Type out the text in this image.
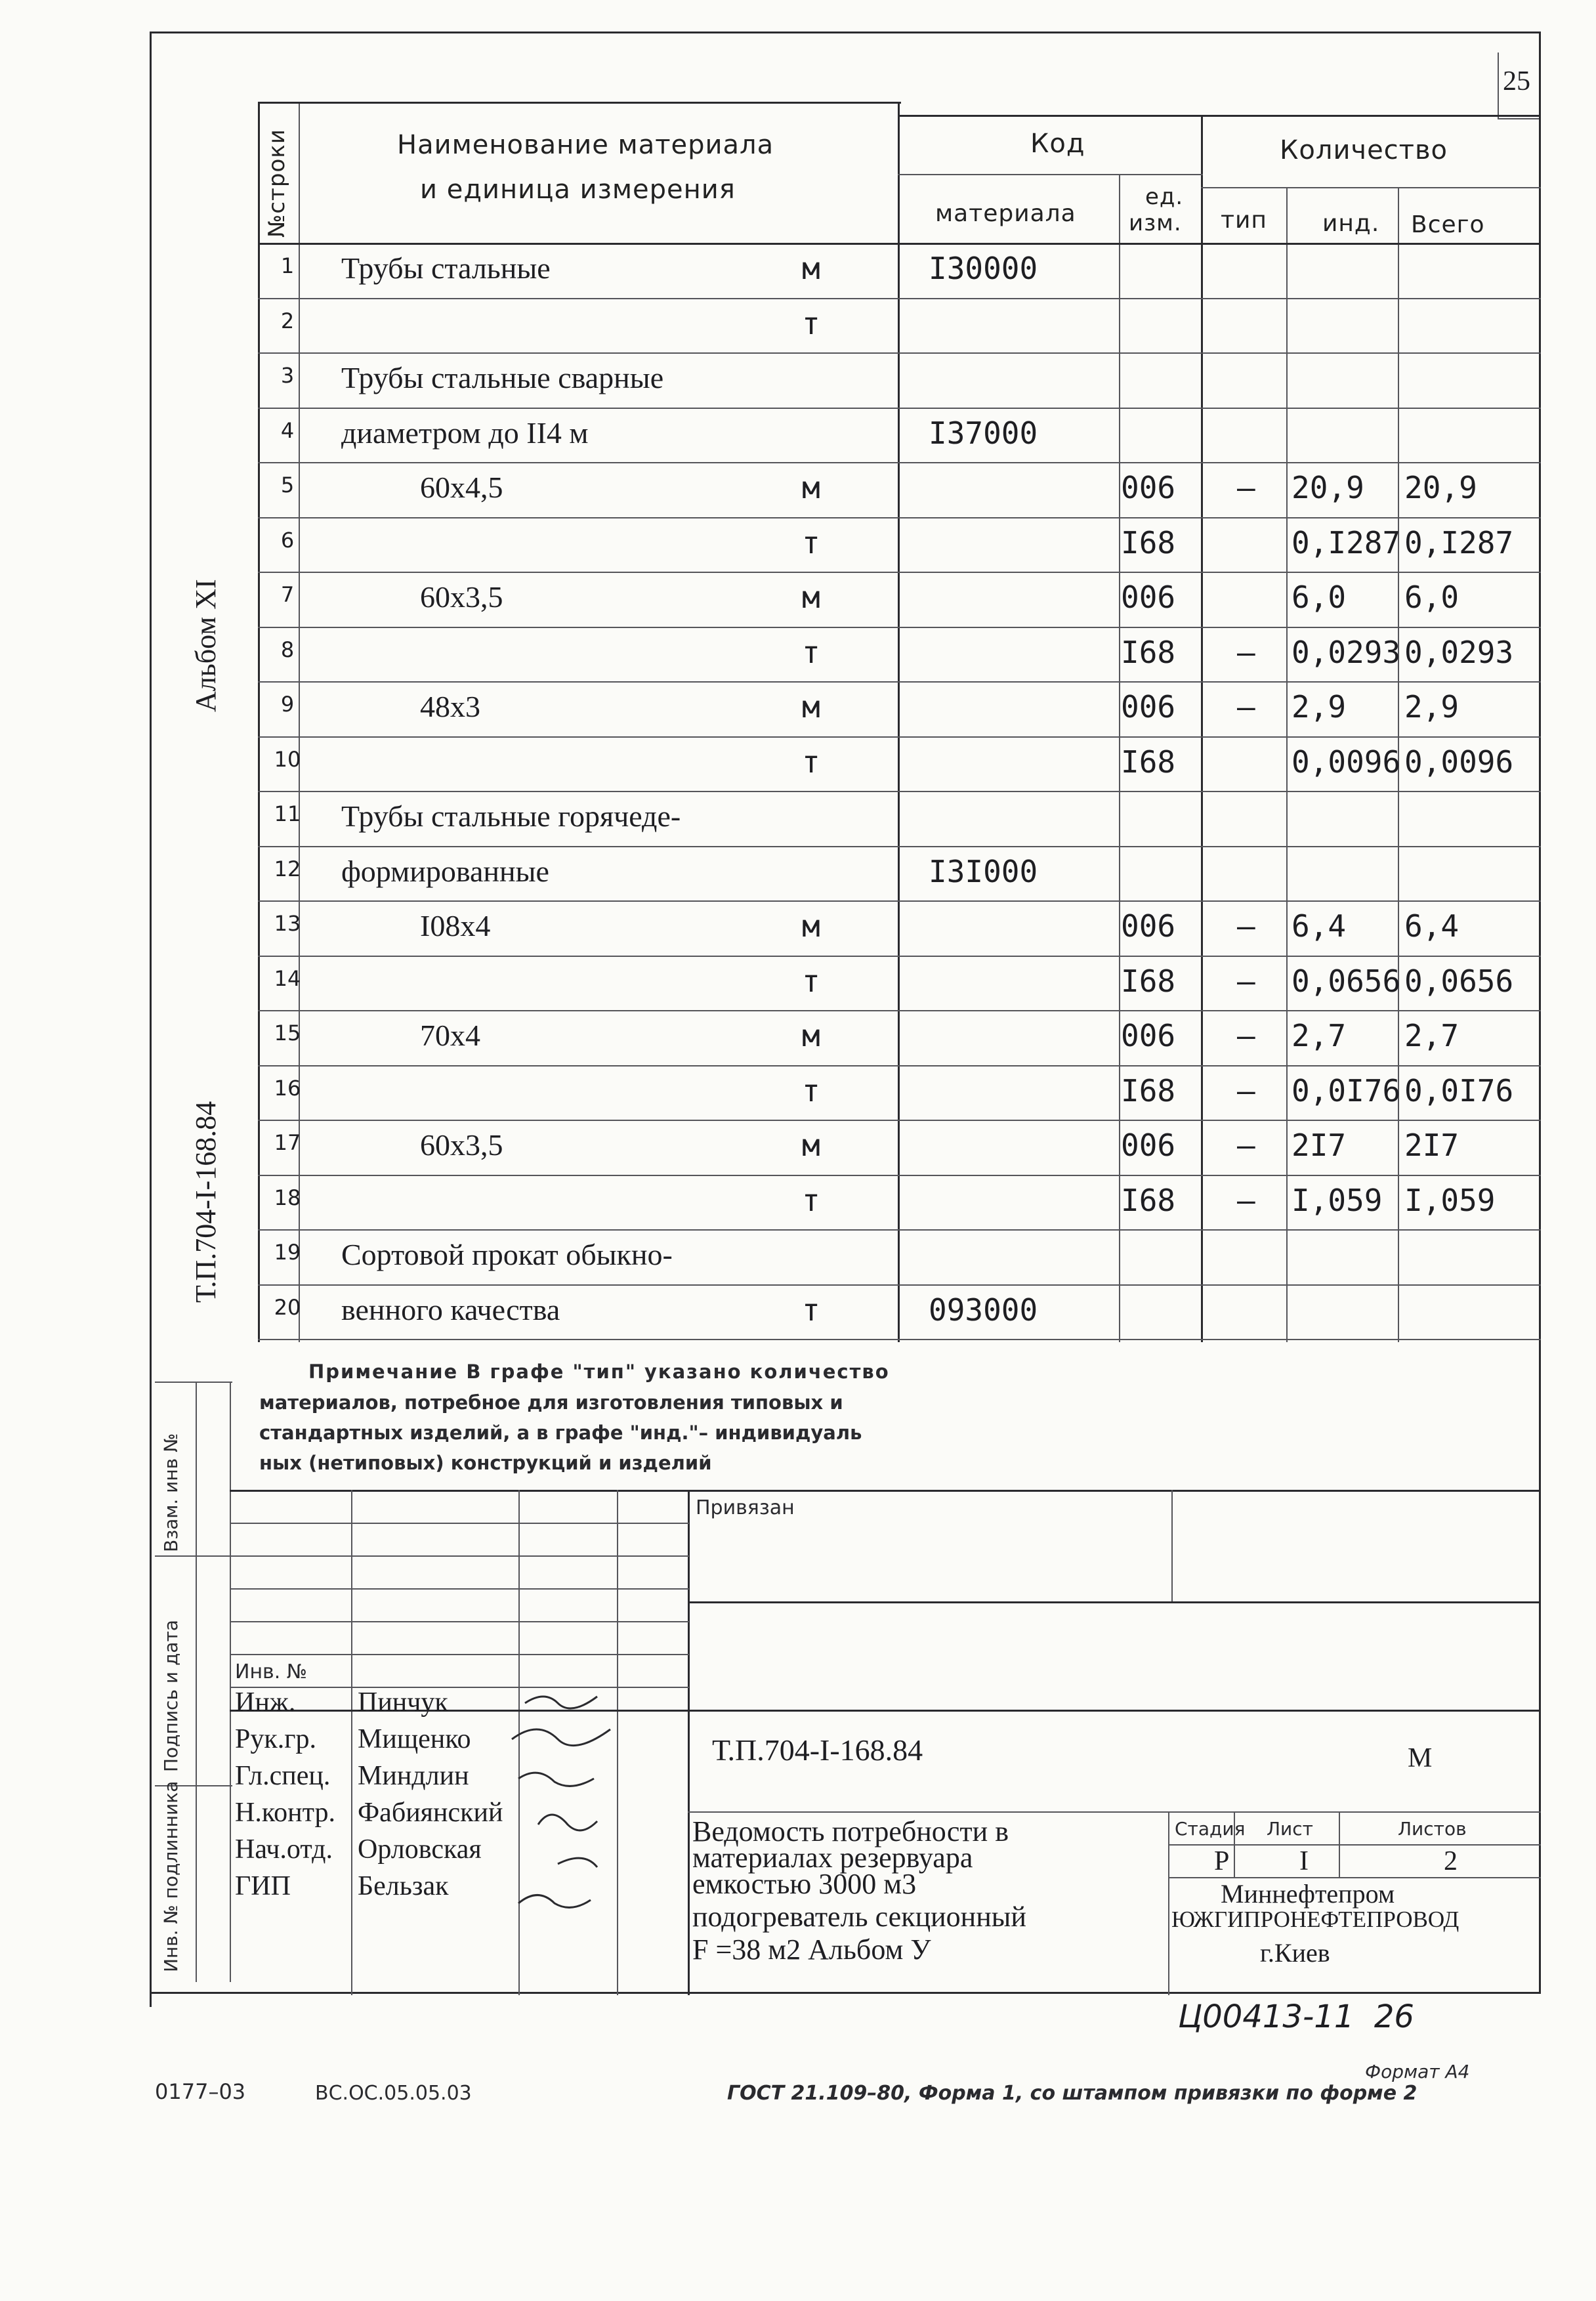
25
№строки	Наименование материала
и единица измерения
Код
материала
ед.
изм.
Количество
тип инд. Всего
1	Трубы стальные	м	I30000
2	т
3	Трубы стальные сварные
4	диаметром до II4 м	I37000
5	60x4,5	м	006 – 20,9 20,9
6	т	I68	0,I287 0,I287
7	60x3,5	м	006	6,0 6,0
8	т	I68 – 0,0293 0,0293
9	48x3	м	006 – 2,9 2,9
10	т	I68	0,0096 0,0096
11	Трубы стальные горячеде-
12	формированные	I3I000
13	I08x4	м	006 – 6,4 6,4
14	т	I68 – 0,0656 0,0656
15	70x4	м	006 – 2,7 2,7
16	т	I68 – 0,0I76 0,0I76
17	60x3,5	м	006 – 2I7 2I7
18	т	I68 – I,059 I,059
19	Сортовой прокат обыкно-
20	венного качества	т	093000
Примечание В графе "тип" указано количество
материалов, потребное для изготовления типовых и
стандартных изделий, а в графе "инд."– индивидуаль
ных (нетиповых) конструкций и изделий
Альбом XI
Т.П.704-I-168.84
Взам. инв №
Подпись и дата
Инв. № подлинника
Привязан
Инв. №
Инж. Пинчук
Рук.гр. Мищенко
Гл.спец. Миндлин
Н.контр. Фабиянский
Нач.отд. Орловская
ГИП Бельзак
Т.П.704-I-168.84	М
Ведомость потребности в
материалах резервуара
емкостью 3000 м3
подогреватель секционный
F =38 м2 Альбом У
Стадия Лист	Листов
Р	I	2
Миннефтепром
ЮЖГИПРОНЕФТЕПРОВОД
г.Киев
Ц00413-11  26
Формат А4
0177–03	ВС.ОС.05.05.03	ГОСТ 21.109–80, Форма 1, со штампом привязки по форме 2
